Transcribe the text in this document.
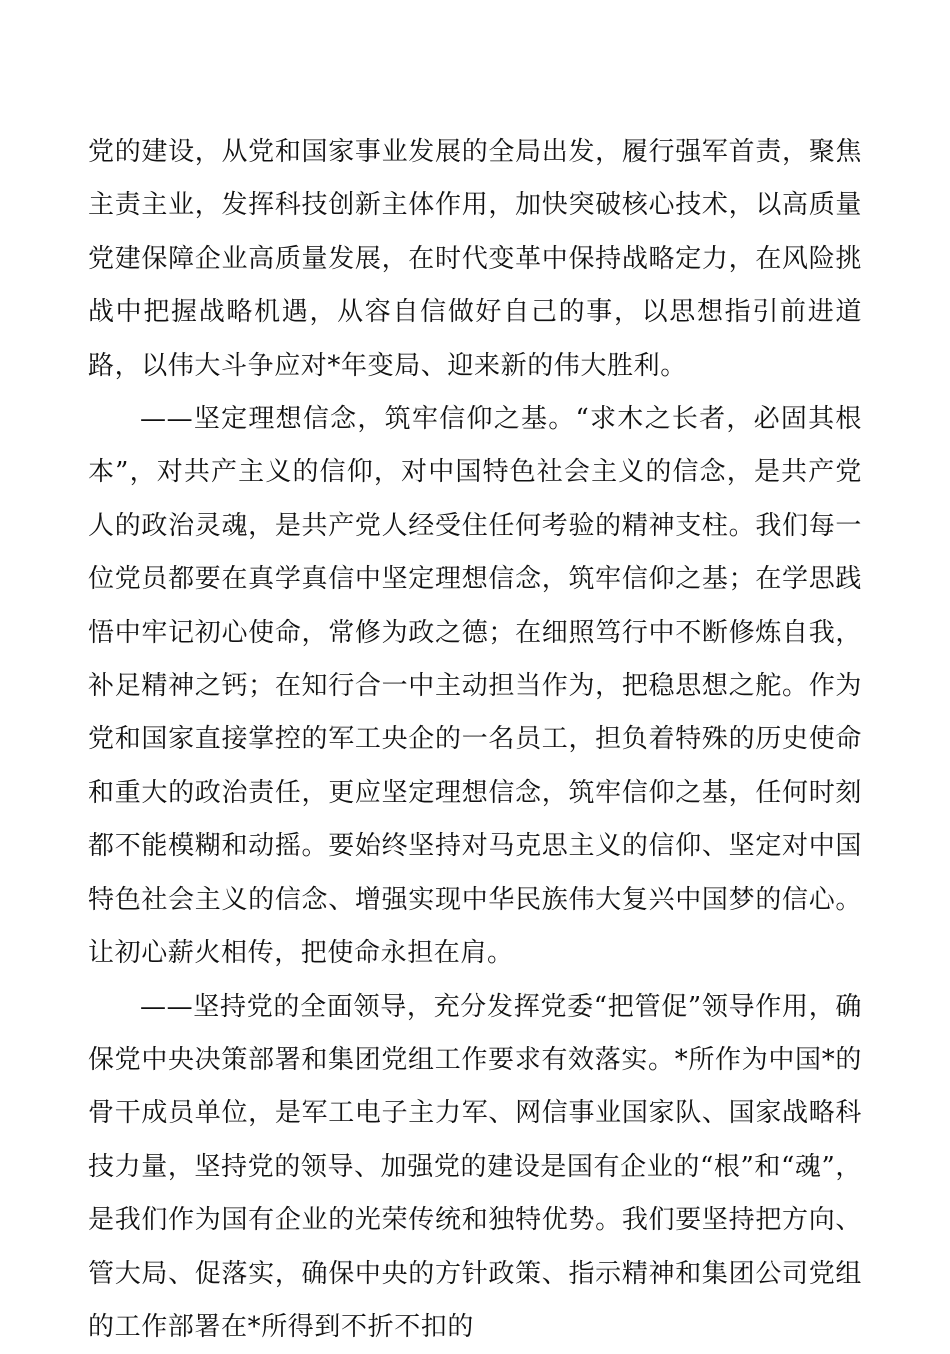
党的建设，从党和国家事业发展的全局出发，履行强军首责，聚焦主责主业，发挥科技创新主体作用，加快突破核心技术，以高质量党建保障企业高质量发展，在时代变革中保持战略定力，在风险挑战中把握战略机遇，从容自信做好自己的事，以思想指引前进道路，以伟大斗争应对*年变局、迎来新的伟大胜利。

——坚定理想信念，筑牢信仰之基。“求木之长者，必固其根本”，对共产主义的信仰，对中国特色社会主义的信念，是共产党人的政治灵魂，是共产党人经受住任何考验的精神支柱。我们每一位党员都要在真学真信中坚定理想信念，筑牢信仰之基；在学思践悟中牢记初心使命，常修为政之德；在细照笃行中不断修炼自我，补足精神之钙；在知行合一中主动担当作为，把稳思想之舵。作为党和国家直接掌控的军工央企的一名员工，担负着特殊的历史使命和重大的政治责任，更应坚定理想信念，筑牢信仰之基，任何时刻都不能模糊和动摇。要始终坚持对马克思主义的信仰、坚定对中国特色社会主义的信念、增强实现中华民族伟大复兴中国梦的信心。让初心薪火相传，把使命永担在肩。

——坚持党的全面领导，充分发挥党委“把管促”领导作用，确保党中央决策部署和集团党组工作要求有效落实。*所作为中国*的骨干成员单位，是军工电子主力军、网信事业国家队、国家战略科技力量，坚持党的领导、加强党的建设是国有企业的“根”和“魂”，是我们作为国有企业的光荣传统和独特优势。我们要坚持把方向、管大局、促落实，确保中央的方针政策、指示精神和集团公司党组的工作部署在*所得到不折不扣的
